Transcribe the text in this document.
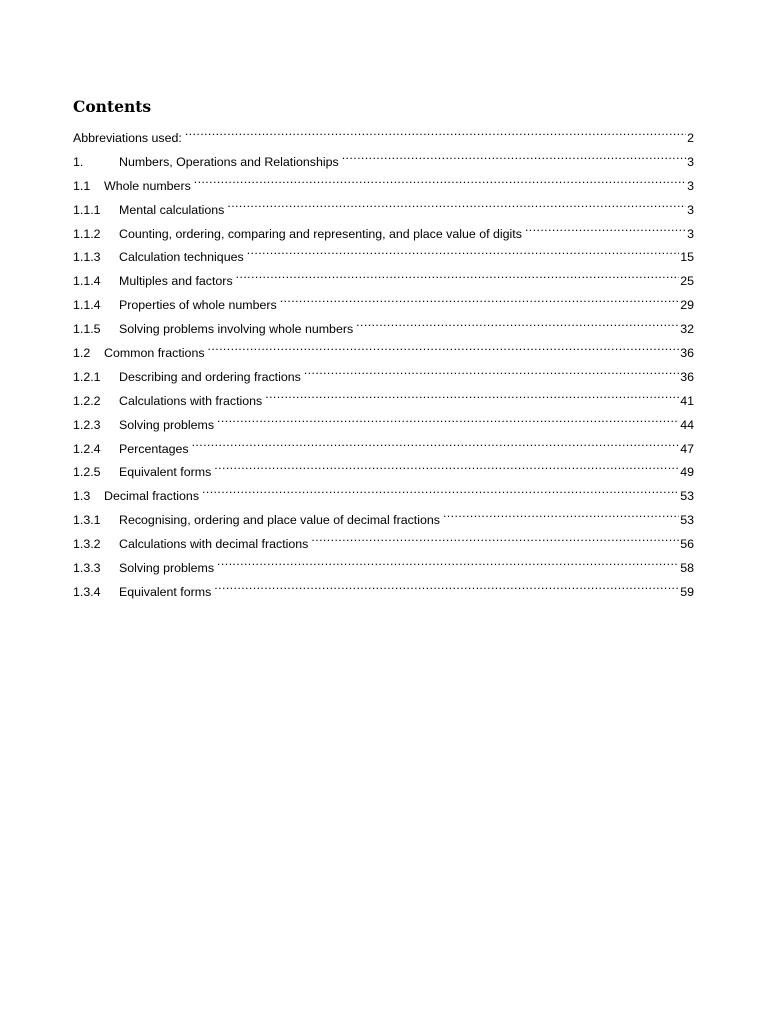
Contents
Abbreviations used: .....	2
1.	Numbers, Operations and Relationships .....	3
1.1	Whole numbers .....	3
1.1.1	Mental calculations .....	3
1.1.2	Counting, ordering, comparing and representing, and place value of digits .....	3
1.1.3	Calculation techniques .....	15
1.1.4	Multiples and factors .....	25
1.1.4	Properties of whole numbers .....	29
1.1.5	Solving problems involving whole numbers .....	32
1.2	Common fractions .....	36
1.2.1	Describing and ordering fractions .....	36
1.2.2	Calculations with fractions .....	41
1.2.3	Solving problems .....	44
1.2.4	Percentages .....	47
1.2.5	Equivalent forms .....	49
1.3	Decimal fractions .....	53
1.3.1	Recognising, ordering and place value of decimal fractions .....	53
1.3.2	Calculations with decimal fractions .....	56
1.3.3	Solving problems .....	58
1.3.4	Equivalent forms .....	59
